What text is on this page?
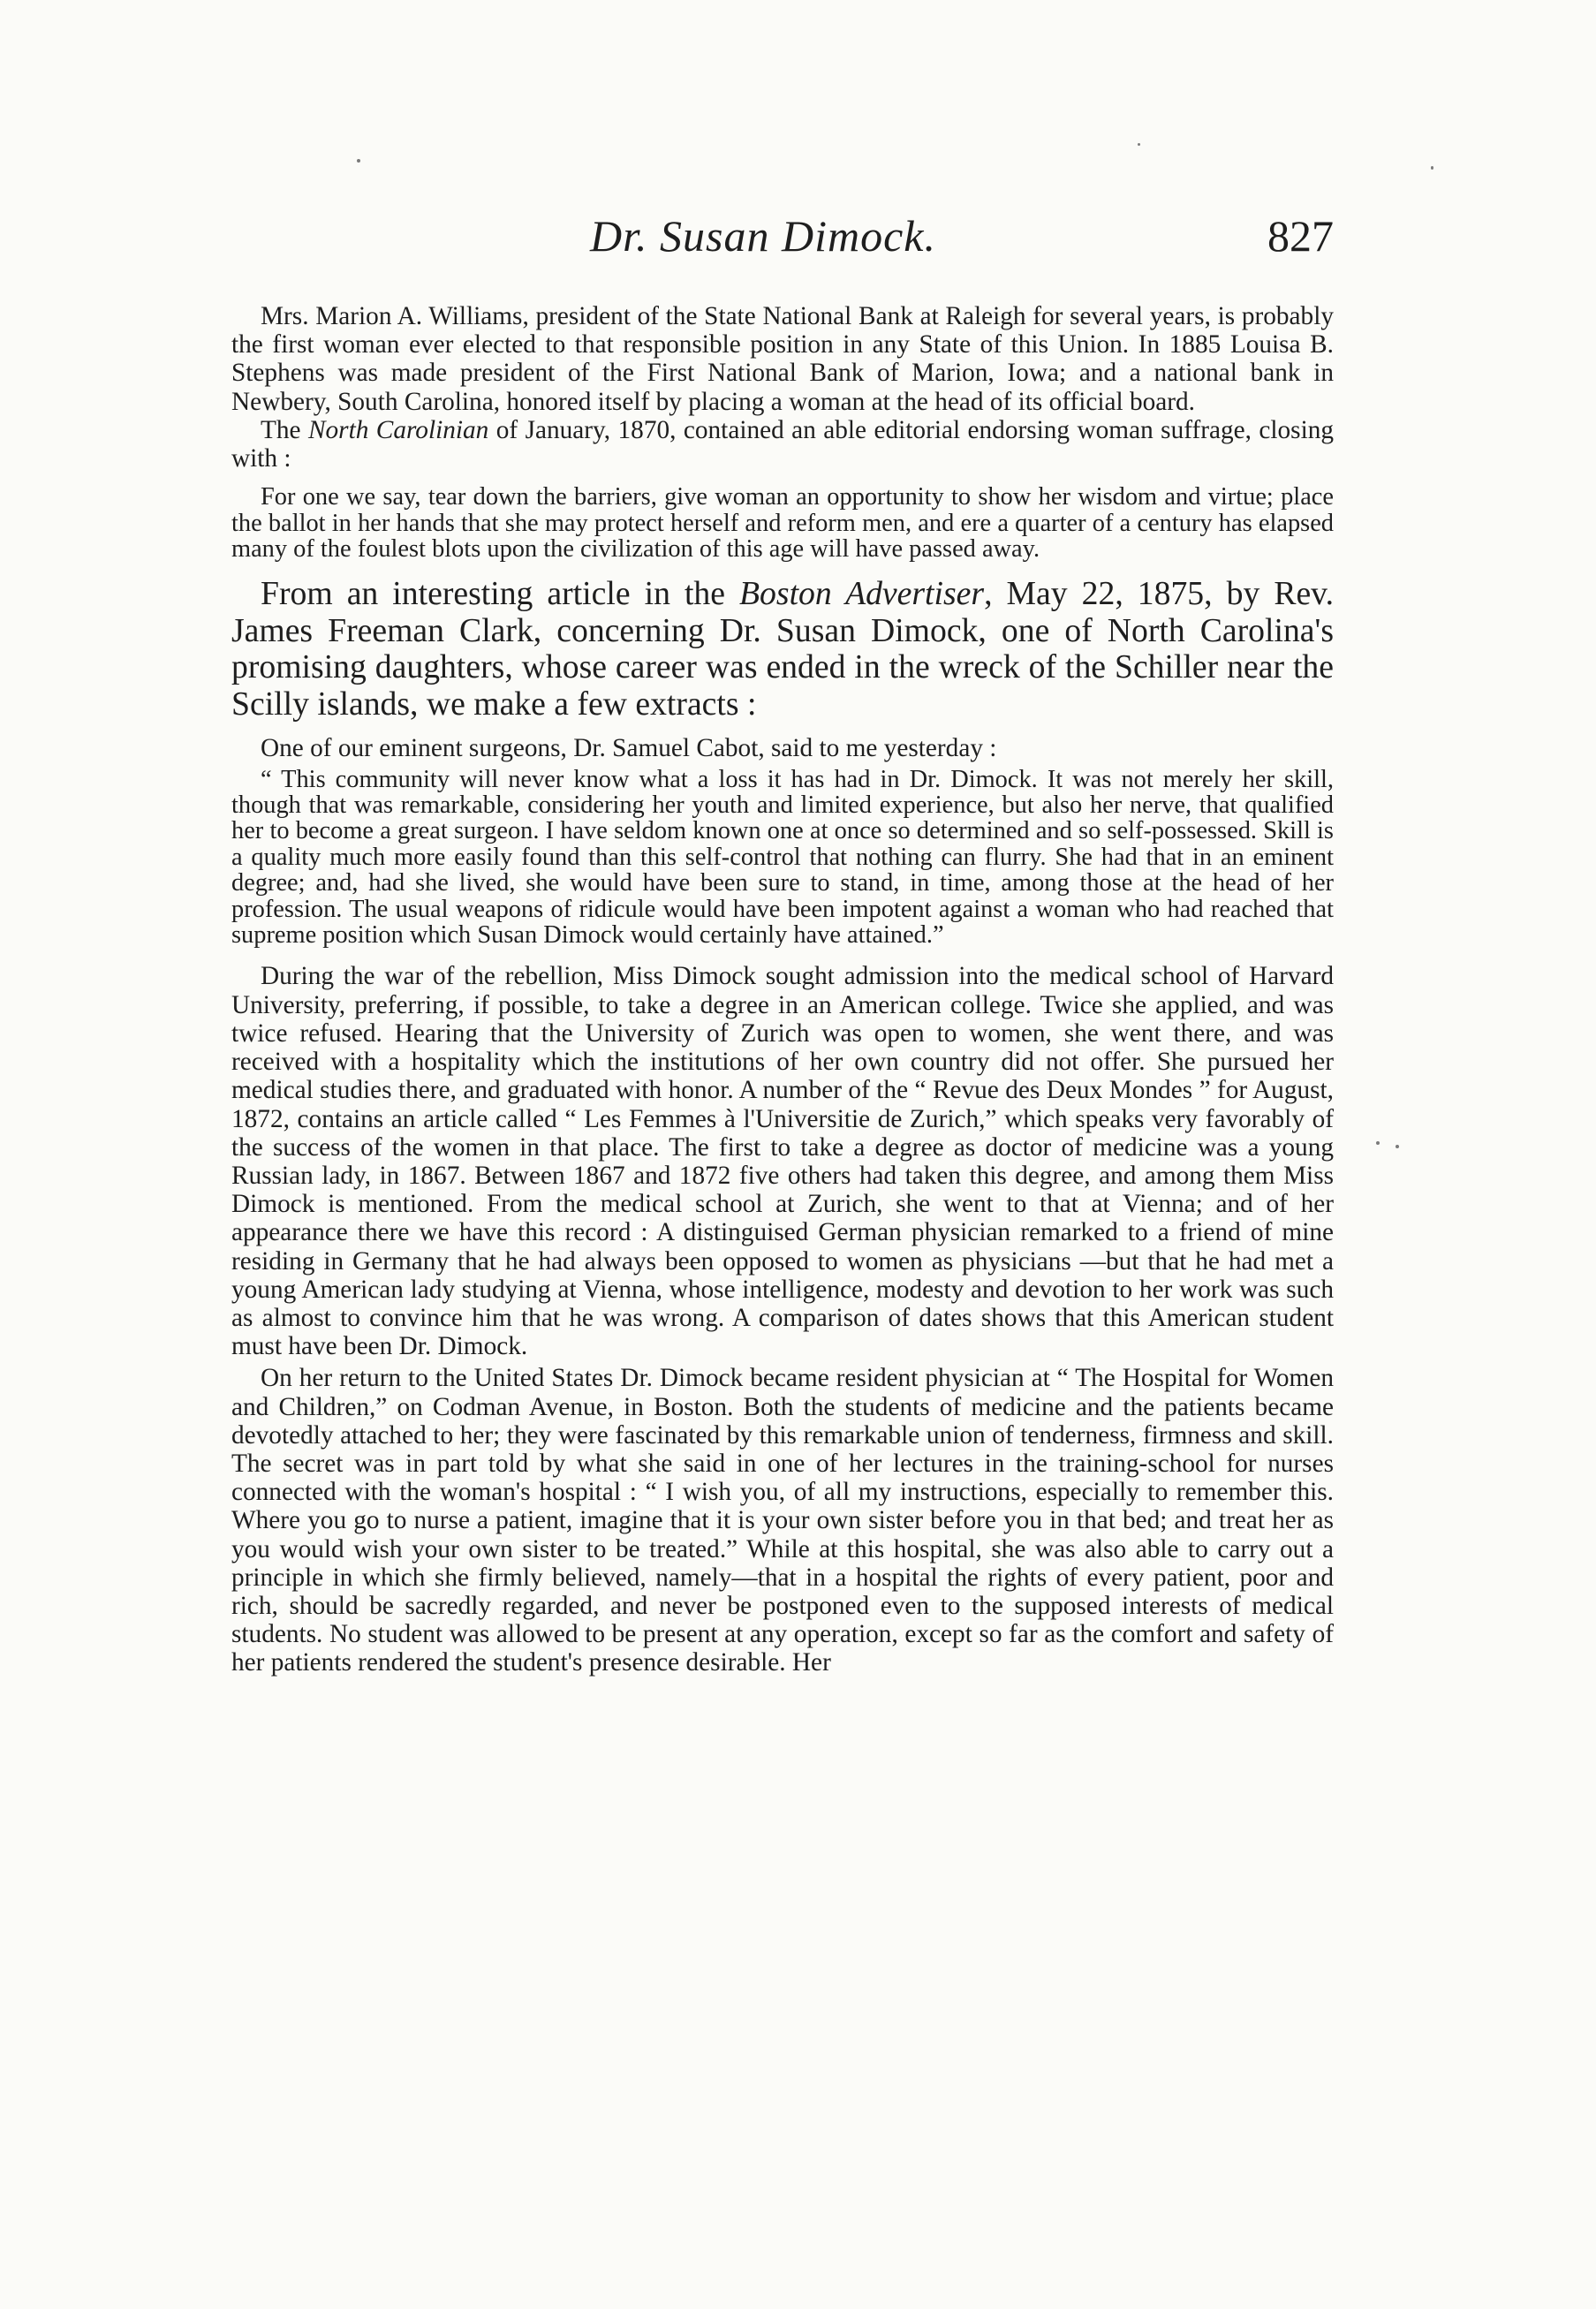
Dr. Susan Dimock.	827

Mrs. Marion A. Williams, president of the State National Bank at Raleigh for several years, is probably the first woman ever elected to that responsible position in any State of this Union. In 1885 Louisa B. Stephens was made president of the First National Bank of Marion, Iowa; and a national bank in Newbery, South Carolina, honored itself by placing a woman at the head of its official board.

The North Carolinian of January, 1870, contained an able editorial endorsing woman suffrage, closing with :

For one we say, tear down the barriers, give woman an opportunity to show her wisdom and virtue; place the ballot in her hands that she may protect herself and reform men, and ere a quarter of a century has elapsed many of the foulest blots upon the civilization of this age will have passed away.

From an interesting article in the Boston Advertiser, May 22, 1875, by Rev. James Freeman Clark, concerning Dr. Susan Dimock, one of North Carolina's promising daughters, whose career was ended in the wreck of the Schiller near the Scilly islands, we make a few extracts :

One of our eminent surgeons, Dr. Samuel Cabot, said to me yesterday :

“ This community will never know what a loss it has had in Dr. Dimock. It was not merely her skill, though that was remarkable, considering her youth and limited experience, but also her nerve, that qualified her to become a great surgeon. I have seldom known one at once so determined and so self-possessed. Skill is a quality much more easily found than this self-control that nothing can flurry. She had that in an eminent degree; and, had she lived, she would have been sure to stand, in time, among those at the head of her profession. The usual weapons of ridicule would have been impotent against a woman who had reached that supreme position which Susan Dimock would certainly have attained.”

During the war of the rebellion, Miss Dimock sought admission into the medical school of Harvard University, preferring, if possible, to take a degree in an American college. Twice she applied, and was twice refused. Hearing that the University of Zurich was open to women, she went there, and was received with a hospitality which the institutions of her own country did not offer. She pursued her medical studies there, and graduated with honor. A number of the “ Revue des Deux Mondes ” for August, 1872, contains an article called “ Les Femmes à l'Universitie de Zurich,” which speaks very favorably of the success of the women in that place. The first to take a degree as doctor of medicine was a young Russian lady, in 1867. Between 1867 and 1872 five others had taken this degree, and among them Miss Dimock is mentioned. From the medical school at Zurich, she went to that at Vienna; and of her appearance there we have this record : A distinguised German physician remarked to a friend of mine residing in Germany that he had always been opposed to women as physicians —but that he had met a young American lady studying at Vienna, whose intelligence, modesty and devotion to her work was such as almost to convince him that he was wrong. A comparison of dates shows that this American student must have been Dr. Dimock.

On her return to the United States Dr. Dimock became resident physician at “ The Hospital for Women and Children,” on Codman Avenue, in Boston. Both the students of medicine and the patients became devotedly attached to her; they were fascinated by this remarkable union of tenderness, firmness and skill. The secret was in part told by what she said in one of her lectures in the training-school for nurses connected with the woman's hospital : “ I wish you, of all my instructions, especially to remember this. Where you go to nurse a patient, imagine that it is your own sister before you in that bed; and treat her as you would wish your own sister to be treated.” While at this hospital, she was also able to carry out a principle in which she firmly believed, namely—that in a hospital the rights of every patient, poor and rich, should be sacredly regarded, and never be postponed even to the supposed interests of medical students. No student was allowed to be present at any operation, except so far as the comfort and safety of her patients rendered the student's presence desirable. Her
